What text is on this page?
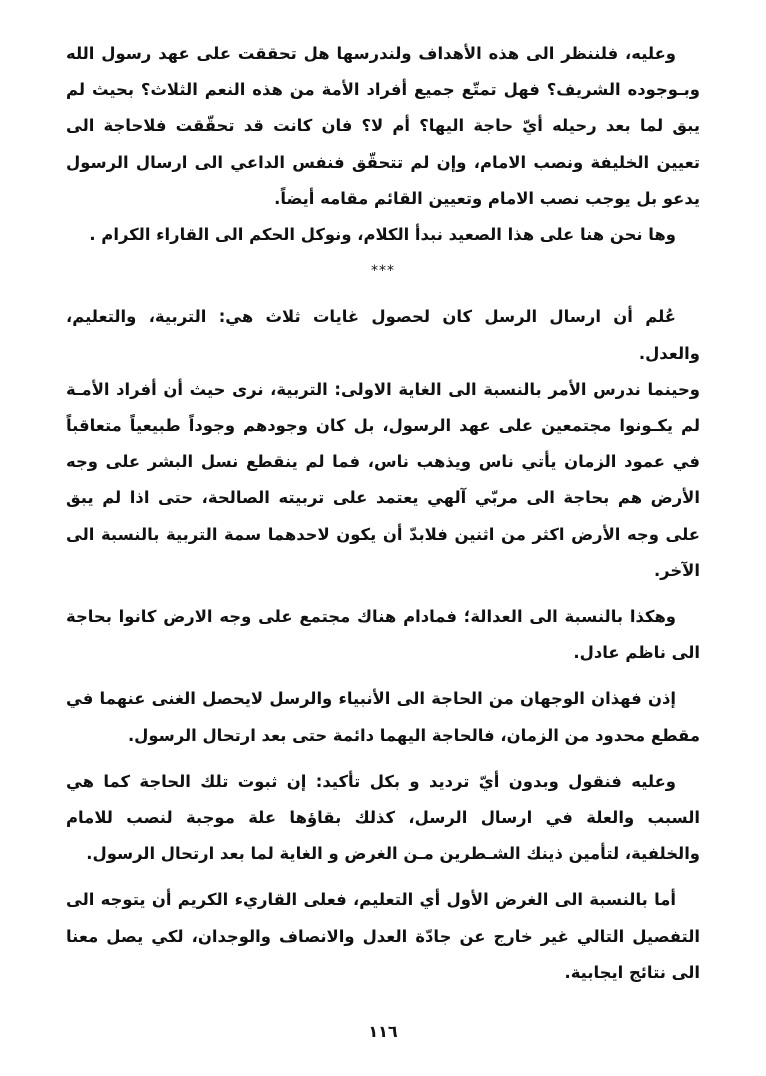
وعليه، فلننظر الى هذه الأهداف ولندرسها هل تحققت على عهد رسول الله وبـوجوده الشريف؟ فهل تمتّع جميع أفراد الأمة من هذه النعم الثلاث؟ بحيث لم يبق لما بعد رحيله أيّ حاجة اليها؟ أم لا؟ فان كانت قد تحقّقت فلاحاجة الى تعيين الخليفة ونصب الامام، وإن لم تتحقّق فنفس الداعي الى ارسال الرسول يدعو بل يوجب نصب الامام وتعيين القائم مقامه أيضاً.

وها نحن هنا على هذا الصعيد نبدأ الكلام، ونوكل الحكم الى القاراء الكرام .

***

عُلم أن ارسال الرسل كان لحصول غايات ثلاث هي: التربية، والتعليم، والعدل.

وحينما ندرس الأمر بالنسبة الى الغاية الاولى: التربية، نرى حيث أن أفراد الأمـة لم يكـونوا مجتمعين على عهد الرسول، بل كان وجودهم وجوداً طبيعياً متعاقباً في عمود الزمان يأتي ناس ويذهب ناس، فما لم ينقطع نسل البشر على وجه الأرض هم بحاجة الى مربّي آلهي يعتمد على تربيته الصالحة، حتى اذا لم يبق على وجه الأرض اكثر من اثنين فلابدّ أن يكون لاحدهما سمة التربية بالنسبة الى الآخر.

وهكذا بالنسبة الى العدالة؛ فمادام هناك مجتمع على وجه الارض كانوا بحاجة الى ناظم عادل.

إذن فهذان الوجهان من الحاجة الى الأنبياء والرسل لايحصل الغنى عنهما في مقطع محدود من الزمان، فالحاجة اليهما دائمة حتى بعد ارتحال الرسول.

وعليه فنقول وبدون أيّ ترديد و بكل تأكيد: إن ثبوت تلك الحاجة كما هي السبب والعلة في ارسال الرسل، كذلك بقاؤها علة موجبة لنصب للامام والخلفية، لتأمين ذينك الشـطرين مـن الغرض و الغاية لما بعد ارتحال الرسول.

أما بالنسبة الى الغرض الأول أي التعليم، فعلى القاريء الكريم أن يتوجه الى التفصيل التالي غير خارج عن جادّة العدل والانصاف والوجدان، لكي يصل معنا الى نتائج ايجابية.

١١٦
